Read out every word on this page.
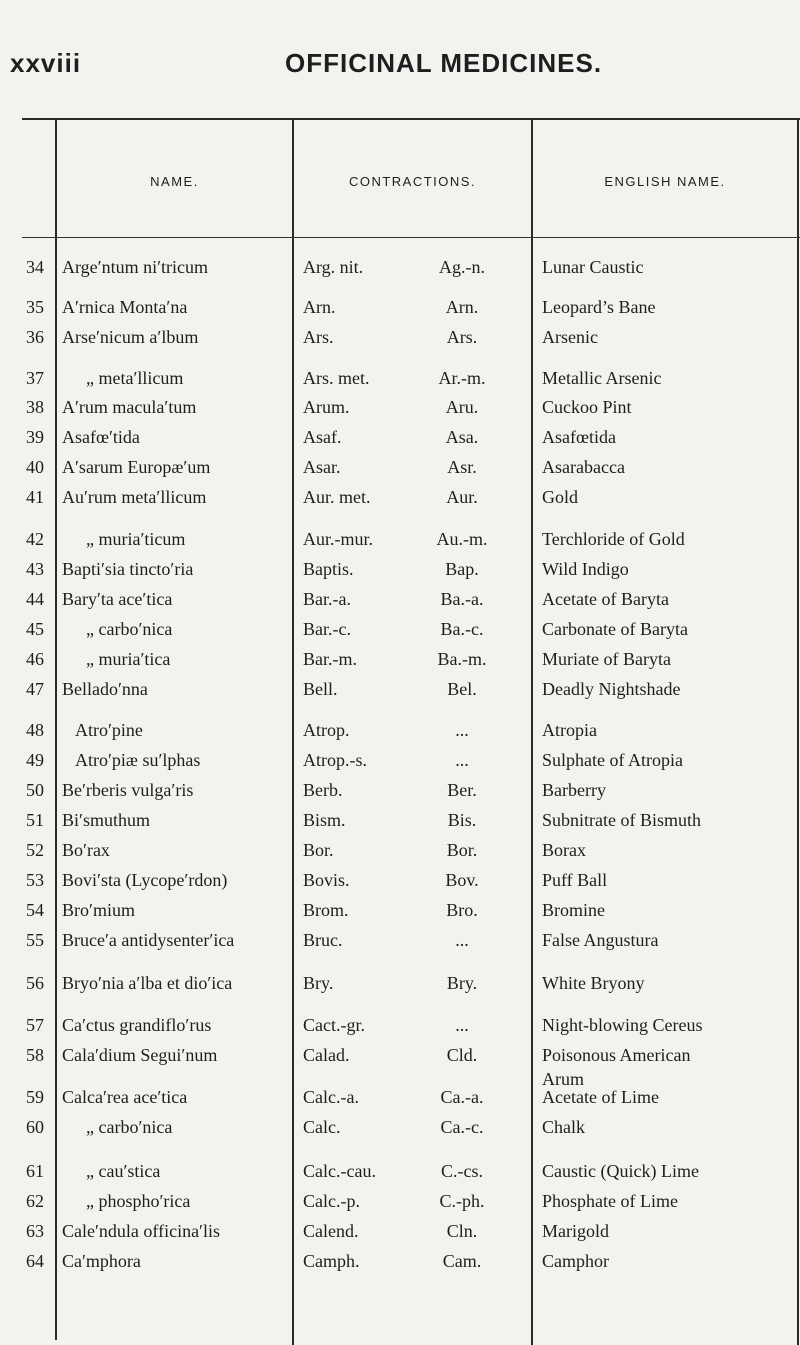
xxviii	OFFICINAL MEDICINES.
NAME.	CONTRACTIONS.	ENGLISH NAME.
34 Arge′ntum ni′tricum	Arg. nit.	Ag.-n.	Lunar Caustic
35 A′rnica Monta′na	Arn.	Arn.	Leopard’s Bane
36 Arse′nicum a′lbum	Ars.	Ars.	Arsenic
37 „ meta′llicum	Ars. met.	Ar.-m.	Metallic Arsenic
38 A′rum macula′tum	Arum.	Aru.	Cuckoo Pint
39 Asafœ′tida	Asaf.	Asa.	Asafœtida
40 A′sarum Europæ′um	Asar.	Asr.	Asarabacca
41 Au′rum meta′llicum	Aur. met.	Aur.	Gold
42 „ muria′ticum	Aur.-mur.	Au.-m.	Terchloride of Gold
43 Bapti′sia tincto′ria	Baptis.	Bap.	Wild Indigo
44 Bary′ta ace′tica	Bar.-a.	Ba.-a.	Acetate of Baryta
45 „ carbo′nica	Bar.-c.	Ba.-c.	Carbonate of Baryta
46 „ muria′tica	Bar.-m.	Ba.-m.	Muriate of Baryta
47 Bellado′nna	Bell.	Bel.	Deadly Nightshade
48 Atro′pine	Atrop.	...	Atropia
49 Atro′piæ su′lphas	Atrop.-s.	...	Sulphate of Atropia
50 Be′rberis vulga′ris	Berb.	Ber.	Barberry
51 Bi′smuthum	Bism.	Bis.	Subnitrate of Bismuth
52 Bo′rax	Bor.	Bor.	Borax
53 Bovi′sta (Lycope′rdon)	Bovis.	Bov.	Puff Ball
54 Bro′mium	Brom.	Bro.	Bromine
55 Bruce′a antidysenter′ica	Bruc.	...	False Angustura
56 Bryo′nia a′lba et dio′ica	Bry.	Bry.	White Bryony
57 Ca′ctus grandiflo′rus	Cact.-gr.	...	Night-blowing Cereus
58 Cala′dium Segui′num	Calad.	Cld.	Poisonous American
Arum
59 Calca′rea ace′tica	Calc.-a.	Ca.-a.	Acetate of Lime
60 „ carbo′nica	Calc.	Ca.-c.	Chalk
61 „ cau′stica	Calc.-cau.	C.-cs.	Caustic (Quick) Lime
62 „ phospho′rica	Calc.-p.	C.-ph.	Phosphate of Lime
63 Cale′ndula officina′lis	Calend.	Cln.	Marigold
64 Ca′mphora	Camph.	Cam.	Camphor
